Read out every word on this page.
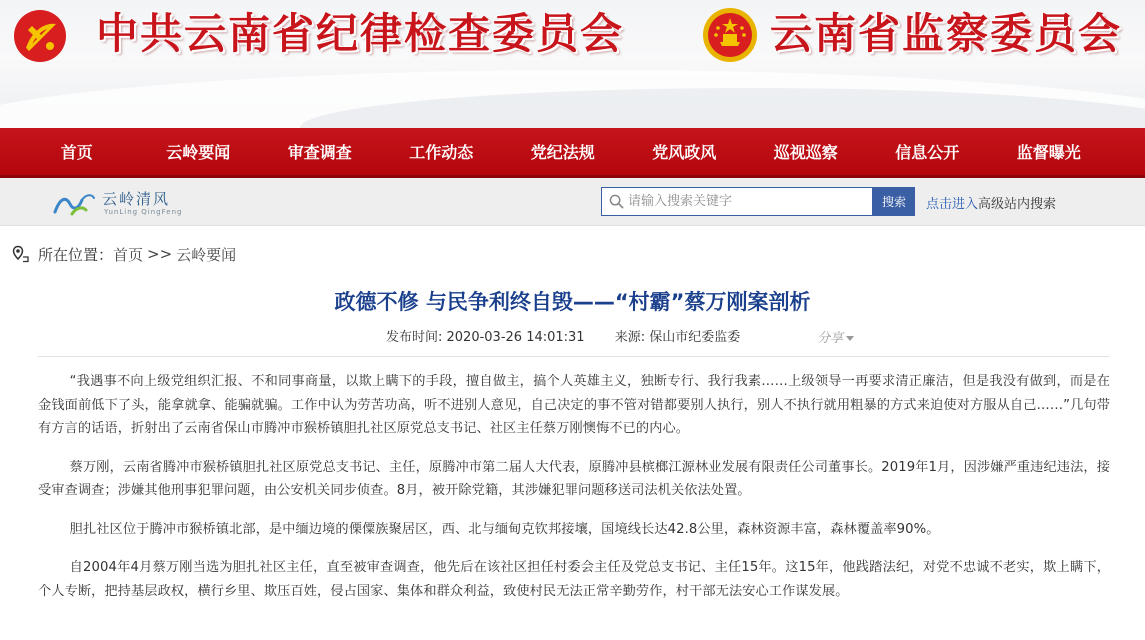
中共云南省纪律检查委员会	云南省监察委员会
首页	云岭要闻	审查调查	工作动态	党纪法规	党风政风	巡视巡察	信息公开	监督曝光
云岭清风
YunLing QingFeng
请输入搜索关键字
搜索	点击进入高级站内搜索
所在位置： 首页 >> 云岭要闻
政德不修 与民争利终自毁——“村霸”蔡万刚案剖析
发布时间: 2020-03-26 14:01:31 来源: 保山市纪委监委	分享

“我遇事不向上级党组织汇报、不和同事商量，以欺上瞒下的手段，擅自做主，搞个人英雄主义，独断专行、我行我素……上级领导一再要求清正廉洁，但是我没有做到，而是在金钱面前低下了头，能拿就拿、能骗就骗。工作中认为劳苦功高，听不进别人意见，自己决定的事不管对错都要别人执行，别人不执行就用粗暴的方式来迫使对方服从自己……”几句带有方言的话语，折射出了云南省保山市腾冲市猴桥镇胆扎社区原党总支书记、社区主任蔡万刚懊悔不已的内心。

蔡万刚，云南省腾冲市猴桥镇胆扎社区原党总支书记、主任，原腾冲市第二届人大代表，原腾冲县槟榔江源林业发展有限责任公司董事长。2019年1月，因涉嫌严重违纪违法，接受审查调查；涉嫌其他刑事犯罪问题，由公安机关同步侦查。8月，被开除党籍，其涉嫌犯罪问题移送司法机关依法处置。

胆扎社区位于腾冲市猴桥镇北部，是中缅边境的傈僳族聚居区，西、北与缅甸克钦邦接壤，国境线长达42.8公里，森林资源丰富，森林覆盖率90%。

自2004年4月蔡万刚当选为胆扎社区主任，直至被审查调查，他先后在该社区担任村委会主任及党总支书记、主任15年。这15年，他践踏法纪，对党不忠诚不老实，欺上瞒下，个人专断，把持基层政权，横行乡里、欺压百姓，侵占国家、集体和群众利益，致使村民无法正常辛勤劳作，村干部无法安心工作谋发展。
